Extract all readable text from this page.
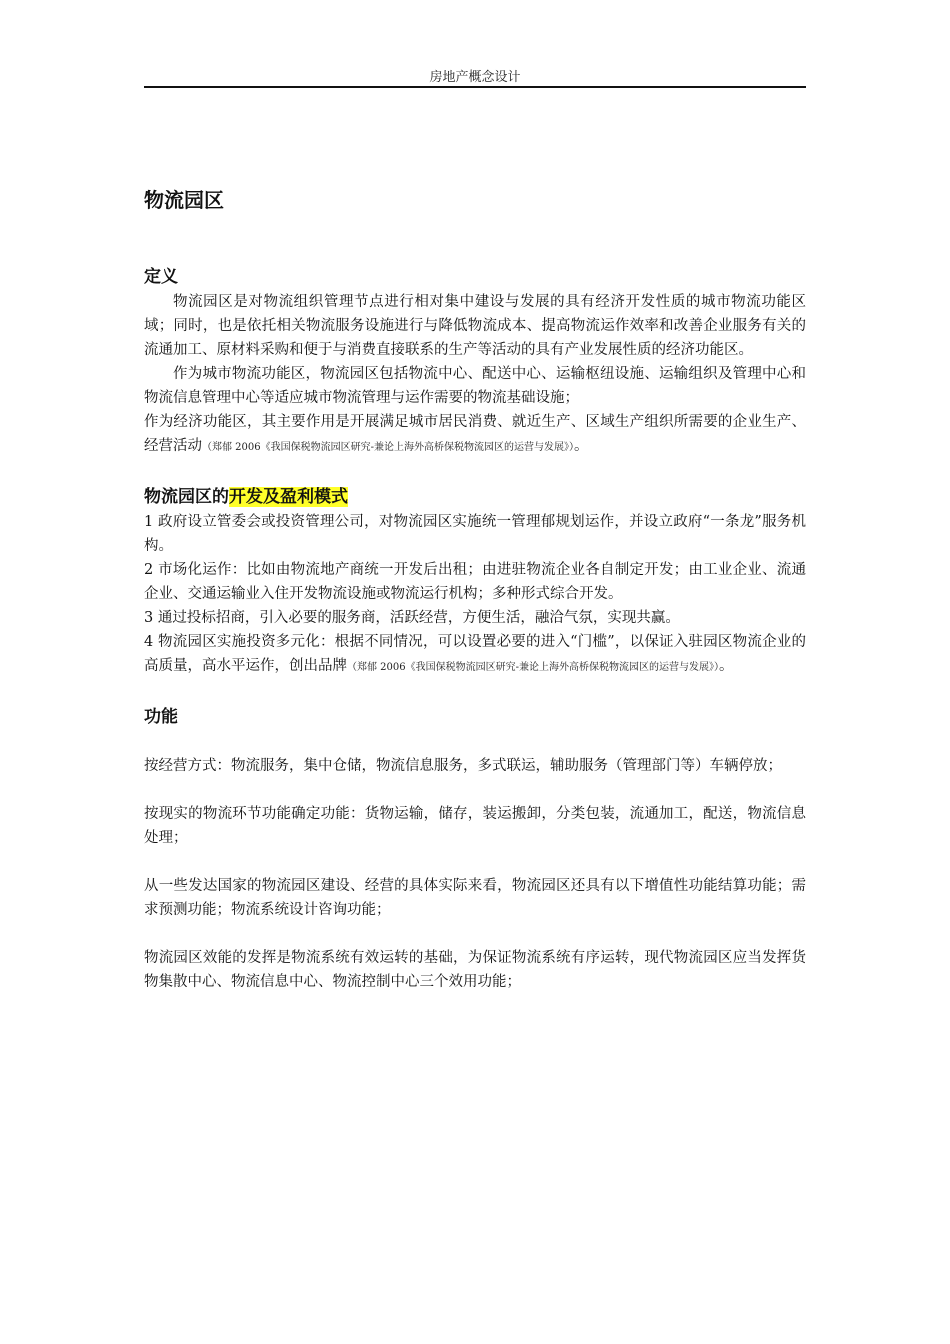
房地产概念设计
物流园区
定义

物流园区是对物流组织管理节点进行相对集中建设与发展的具有经济开发性质的城市物流功能区域；同时，也是依托相关物流服务设施进行与降低物流成本、提高物流运作效率和改善企业服务有关的流通加工、原材料采购和便于与消费直接联系的生产等活动的具有产业发展性质的经济功能区。

作为城市物流功能区，物流园区包括物流中心、配送中心、运输枢纽设施、运输组织及管理中心和物流信息管理中心等适应城市物流管理与运作需要的物流基础设施；

作为经济功能区，其主要作用是开展满足城市居民消费、就近生产、区域生产组织所需要的企业生产、经营活动（郑郁 2006《我国保税物流园区研究-兼论上海外高桥保税物流园区的运营与发展》）。

物流园区的开发及盈利模式

1 政府设立管委会或投资管理公司，对物流园区实施统一管理郁规划运作，并设立政府“一条龙”服务机构。

2 市场化运作：比如由物流地产商统一开发后出租；由进驻物流企业各自制定开发；由工业企业、流通企业、交通运输业入住开发物流设施或物流运行机构；多种形式综合开发。

3 通过投标招商，引入必要的服务商，活跃经营，方便生活，融洽气氛，实现共赢。

4 物流园区实施投资多元化：根据不同情况，可以设置必要的进入“门槛”，以保证入驻园区物流企业的高质量，高水平运作，创出品牌（郑郁 2006《我国保税物流园区研究-兼论上海外高桥保税物流园区的运营与发展》）。

功能

按经营方式：物流服务，集中仓储，物流信息服务，多式联运，辅助服务（管理部门等）车辆停放；

按现实的物流环节功能确定功能：货物运输，储存，装运搬卸，分类包装，流通加工，配送，物流信息处理；

从一些发达国家的物流园区建设、经营的具体实际来看，物流园区还具有以下增值性功能结算功能；需求预测功能；物流系统设计咨询功能；

物流园区效能的发挥是物流系统有效运转的基础，为保证物流系统有序运转，现代物流园区应当发挥货物集散中心、物流信息中心、物流控制中心三个效用功能；
